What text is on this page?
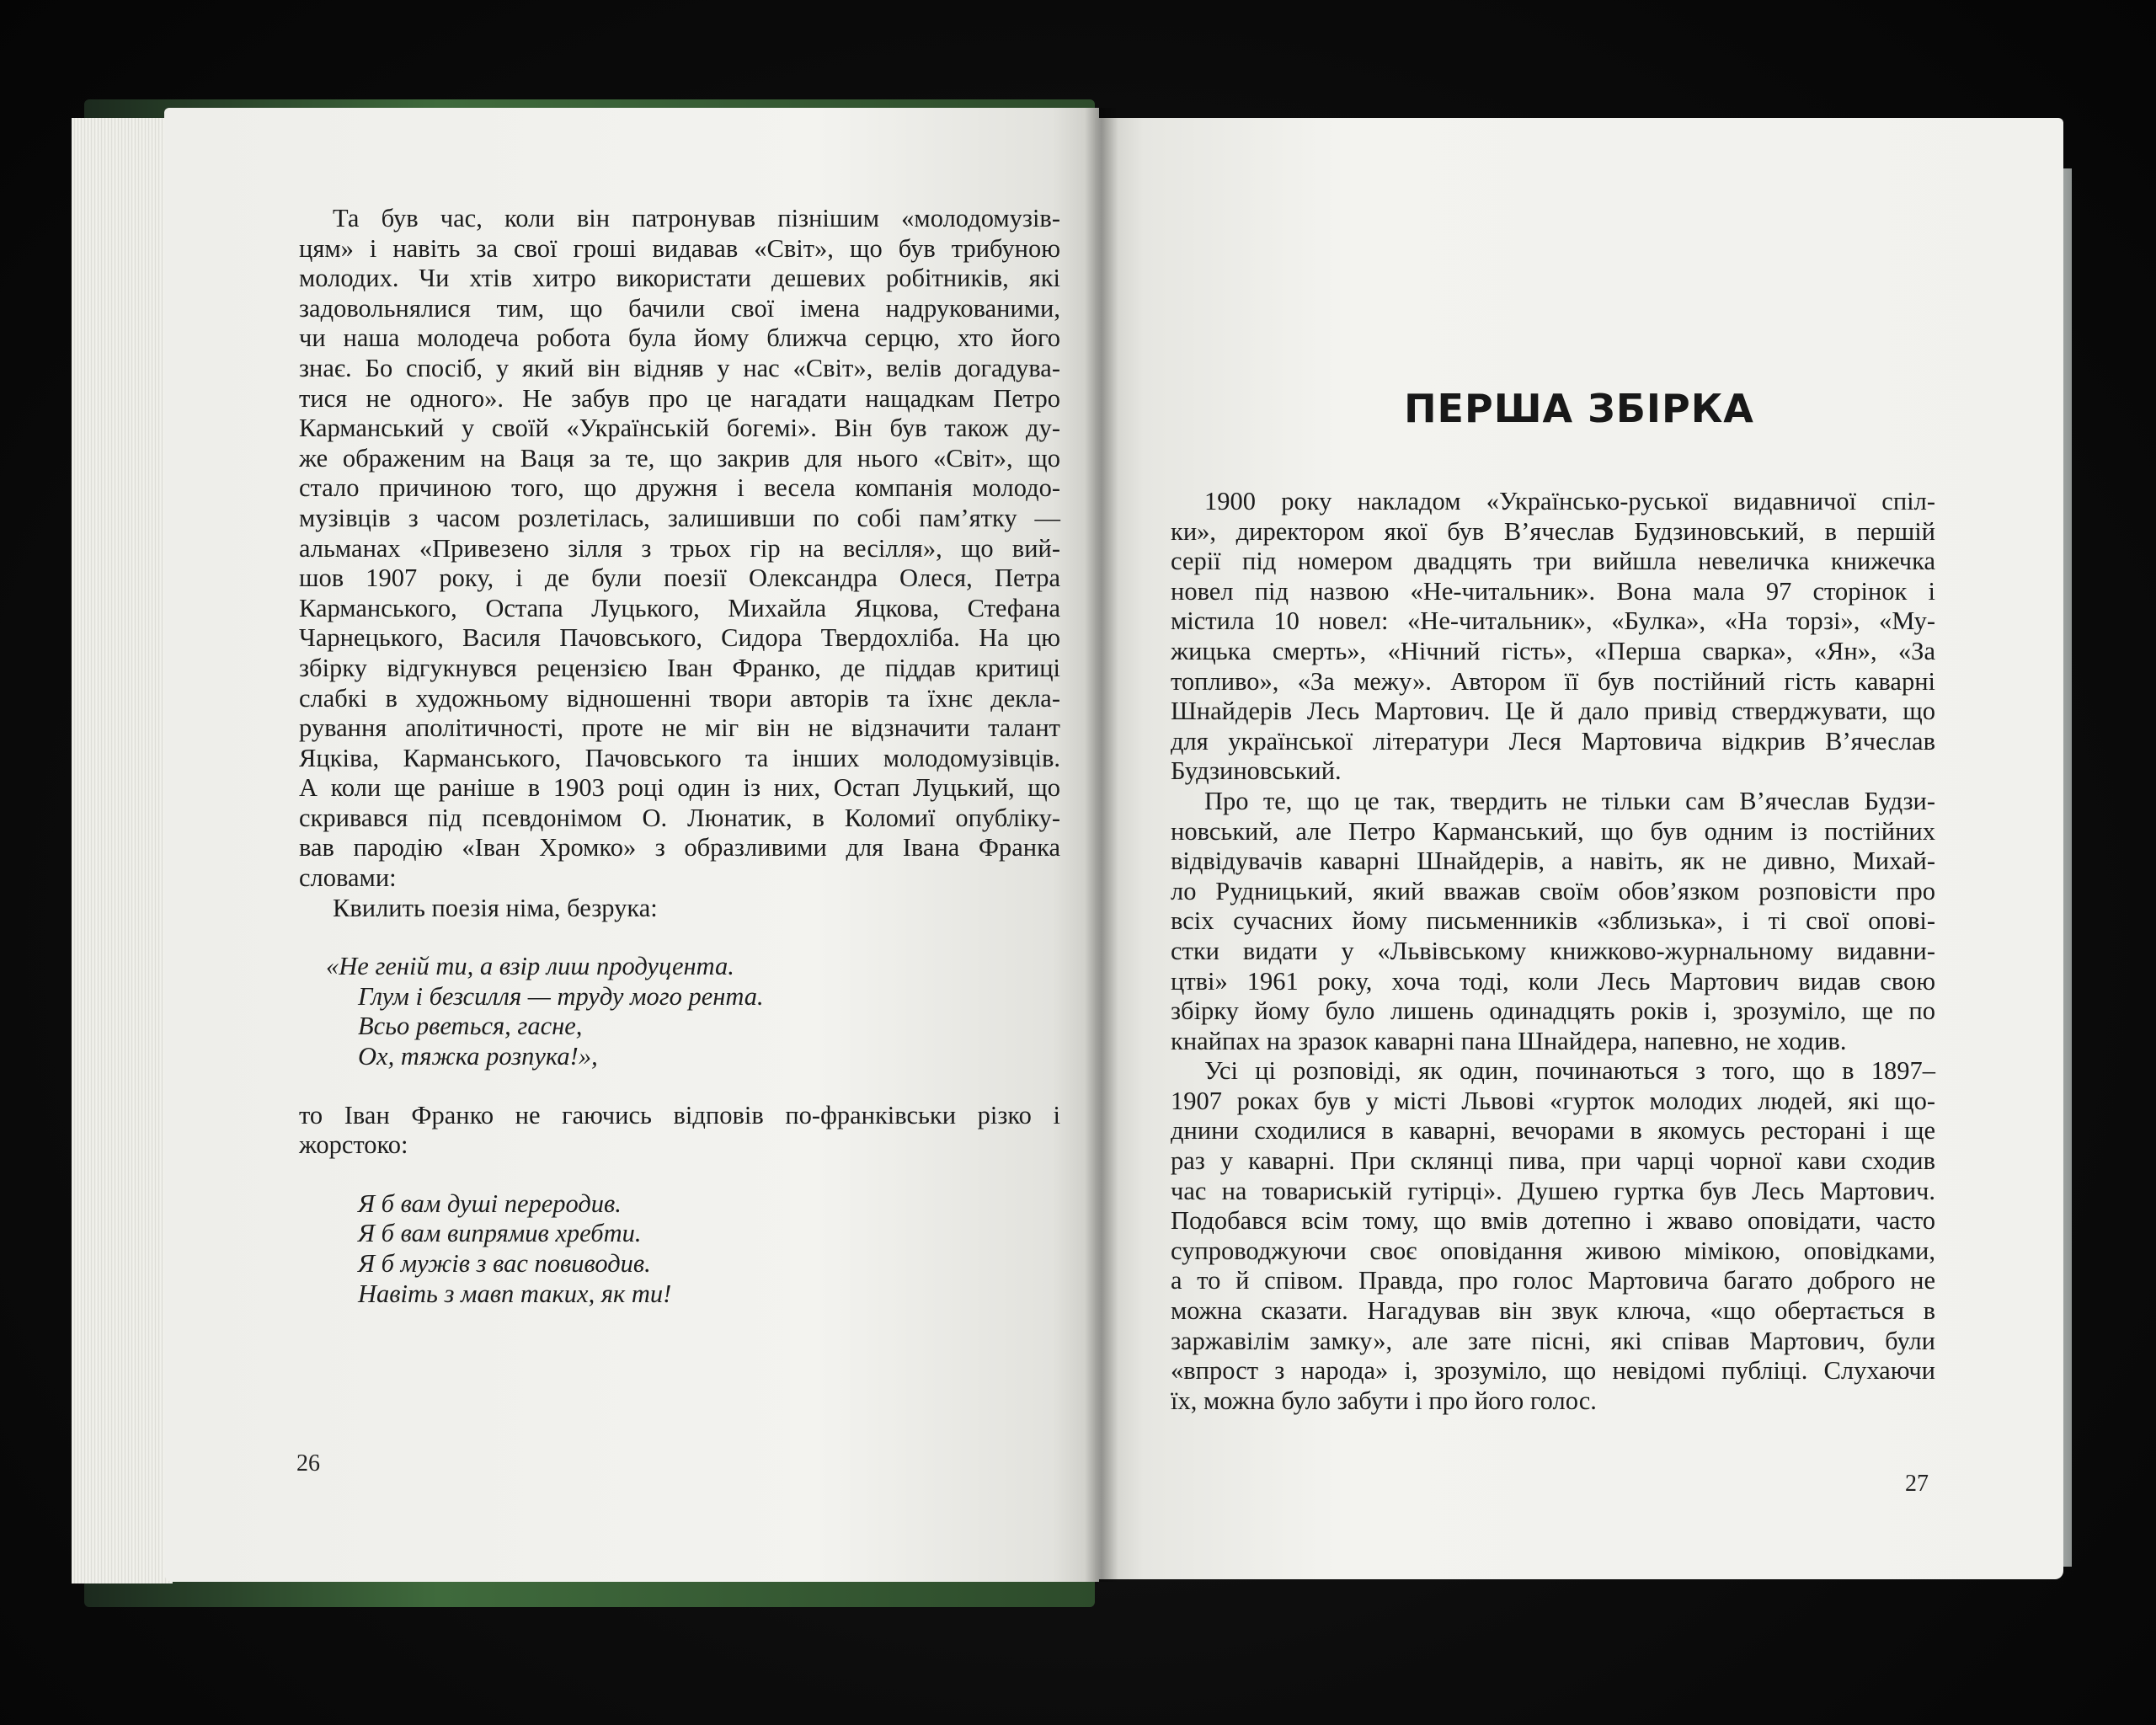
Та був час, коли він патронував пізнішим «молодомузів-
цям» і навіть за свої гроші видавав «Світ», що був трибуною
молодих. Чи хтів хитро використати дешевих робітників, які
задовольнялися тим, що бачили свої імена надрукованими,
чи наша молодеча робота була йому ближча серцю, хто його
знає. Бо спосіб, у який він відняв у нас «Світ», велів догадува-
тися не одного». Не забув про це нагадати нащадкам Петро
Карманський у своїй «Українській богемі». Він був також ду-
же ображеним на Ваця за те, що закрив для нього «Світ», що
стало причиною того, що дружня і весела компанія молодо-
музівців з часом розлетілась, залишивши по собі пам’ятку —
альманах «Привезено зілля з трьох гір на весілля», що вий-
шов 1907 року, і де були поезії Олександра Олеся, Петра
Карманського, Остапа Луцького, Михайла Яцкова, Стефана
Чарнецького, Василя Пачовського, Сидора Твердохліба. На цю
збірку відгукнувся рецензією Іван Франко, де піддав критиці
слабкі в художньому відношенні твори авторів та їхнє декла-
рування аполітичності, проте не міг він не відзначити талант
Яцківа, Карманського, Пачовського та інших молодомузівців.
А коли ще раніше в 1903 році один із них, Остап Луцький, що
скривався під псевдонімом О. Люнатик, в Коломиї опубліку-
вав пародію «Іван Хромко» з образливими для Івана Франка
словами:
Квилить поезія німа, безрука:
«Не геній ти, а взір лиш продуцента.
Глум і безсилля — труду мого рента.
Всьо рветься, гасне,
Ох, тяжка розпука!»,
то Іван Франко не гаючись відповів по-франківськи різко і
жорстоко:
Я б вам душі переродив.
Я б вам випрямив хребти.
Я б мужів з вас повиводив.
Навіть з мавп таких, як ти!
26
ПЕРША ЗБІРКА
1900 року накладом «Українсько-руської видавничої спіл-
ки», директором якої був В’ячеслав Будзиновський, в першій
серії під номером двадцять три вийшла невеличка книжечка
новел під назвою «Не-читальник». Вона мала 97 сторінок і
містила 10 новел: «Не-читальник», «Булка», «На торзі», «Му-
жицька смерть», «Нічний гість», «Перша сварка», «Ян», «За
топливо», «За межу». Автором її був постійний гість каварні
Шнайдерів Лесь Мартович. Це й дало привід стверджувати, що
для української літератури Леся Мартовича відкрив В’ячеслав
Будзиновський.
Про те, що це так, твердить не тільки сам В’ячеслав Будзи-
новський, але Петро Карманський, що був одним із постійних
відвідувачів каварні Шнайдерів, а навіть, як не дивно, Михай-
ло Рудницький, який вважав своїм обов’язком розповісти про
всіх сучасних йому письменників «зблизька», і ті свої опові-
стки видати у «Львівському книжково-журнальному видавни-
цтві» 1961 року, хоча тоді, коли Лесь Мартович видав свою
збірку йому було лишень одинадцять років і, зрозуміло, ще по
кнайпах на зразок каварні пана Шнайдера, напевно, не ходив.
Усі ці розповіді, як один, починаються з того, що в 1897–
1907 роках був у місті Львові «гурток молодих людей, які що-
днини сходилися в каварні, вечорами в якомусь ресторані і ще
раз у каварні. При склянці пива, при чарці чорної кави сходив
час на товариській гутірці». Душею гуртка був Лесь Мартович.
Подобався всім тому, що вмів дотепно і жваво оповідати, часто
супроводжуючи своє оповідання живою мімікою, оповідками,
а то й співом. Правда, про голос Мартовича багато доброго не
можна сказати. Нагадував він звук ключа, «що обертається в
заржавілім замку», але зате пісні, які співав Мартович, були
«впрост з народа» і, зрозуміло, що невідомі публіці. Слухаючи
їх, можна було забути і про його голос.
27
